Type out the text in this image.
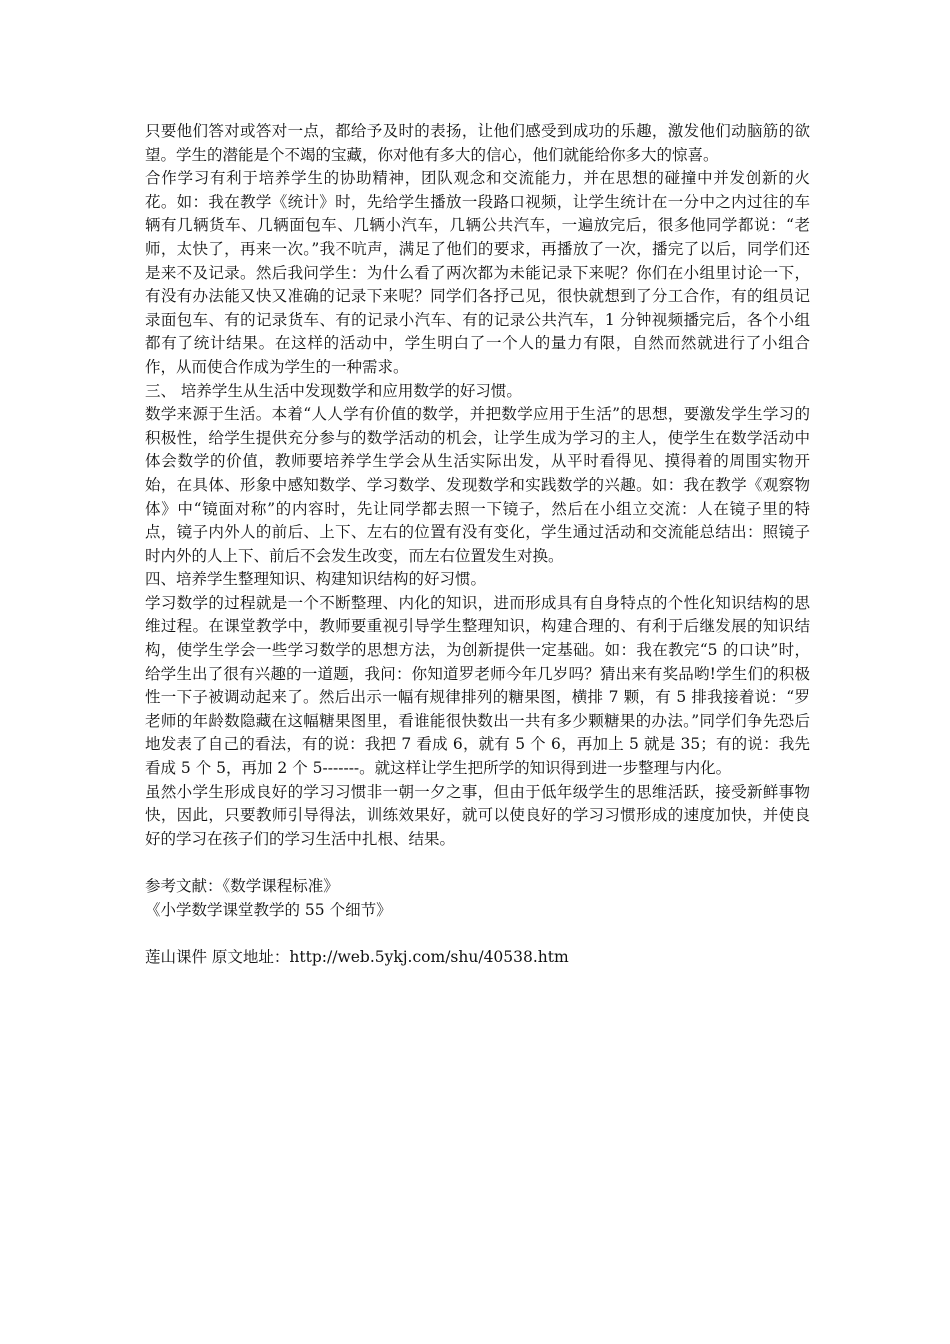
只要他们答对或答对一点，都给予及时的表扬，让他们感受到成功的乐趣，激发他们动脑筋的欲望。学生的潜能是个不竭的宝藏，你对他有多大的信心，他们就能给你多大的惊喜。

合作学习有利于培养学生的协助精神，团队观念和交流能力，并在思想的碰撞中并发创新的火花。如：我在教学《统计》时，先给学生播放一段路口视频，让学生统计在一分中之内过往的车辆有几辆货车、几辆面包车、几辆小汽车，几辆公共汽车，一遍放完后，很多他同学都说：“老师，太快了，再来一次。”我不吭声，满足了他们的要求，再播放了一次，播完了以后，同学们还是来不及记录。然后我问学生：为什么看了两次都为未能记录下来呢？你们在小组里讨论一下，有没有办法能又快又准确的记录下来呢？同学们各抒己见，很快就想到了分工合作，有的组员记录面包车、有的记录货车、有的记录小汽车、有的记录公共汽车，1 分钟视频播完后，各个小组都有了统计结果。在这样的活动中，学生明白了一个人的量力有限，自然而然就进行了小组合作，从而使合作成为学生的一种需求。

三、 培养学生从生活中发现数学和应用数学的好习惯。

数学来源于生活。本着“人人学有价值的数学，并把数学应用于生活”的思想，要激发学生学习的积极性，给学生提供充分参与的数学活动的机会，让学生成为学习的主人，使学生在数学活动中体会数学的价值，教师要培养学生学会从生活实际出发，从平时看得见、摸得着的周围实物开始，在具体、形象中感知数学、学习数学、发现数学和实践数学的兴趣。如：我在教学《观察物体》中“镜面对称”的内容时，先让同学都去照一下镜子，然后在小组立交流：人在镜子里的特点，镜子内外人的前后、上下、左右的位置有没有变化，学生通过活动和交流能总结出：照镜子时内外的人上下、前后不会发生改变，而左右位置发生对换。

四、培养学生整理知识、构建知识结构的好习惯。

学习数学的过程就是一个不断整理、内化的知识，进而形成具有自身特点的个性化知识结构的思维过程。在课堂教学中，教师要重视引导学生整理知识，构建合理的、有利于后继发展的知识结构，使学生学会一些学习数学的思想方法，为创新提供一定基础。如：我在教完“5 的口诀”时，给学生出了很有兴趣的一道题，我问：你知道罗老师今年几岁吗？猜出来有奖品哟!学生们的积极性一下子被调动起来了。然后出示一幅有规律排列的糖果图，横排 7 颗，有 5 排我接着说：“罗老师的年龄数隐藏在这幅糖果图里，看谁能很快数出一共有多少颗糖果的办法。”同学们争先恐后地发表了自己的看法，有的说：我把 7 看成 6，就有 5 个 6，再加上 5 就是 35；有的说：我先看成 5 个 5，再加 2 个 5-------。就这样让学生把所学的知识得到进一步整理与内化。

虽然小学生形成良好的学习习惯非一朝一夕之事，但由于低年级学生的思维活跃，接受新鲜事物快，因此，只要教师引导得法，训练效果好，就可以使良好的学习习惯形成的速度加快，并使良好的学习在孩子们的学习生活中扎根、结果。

参考文献：《数学课程标准》

《小学数学课堂教学的 55 个细节》

莲山课件 原文地址：http://web.5ykj.com/shu/40538.htm
